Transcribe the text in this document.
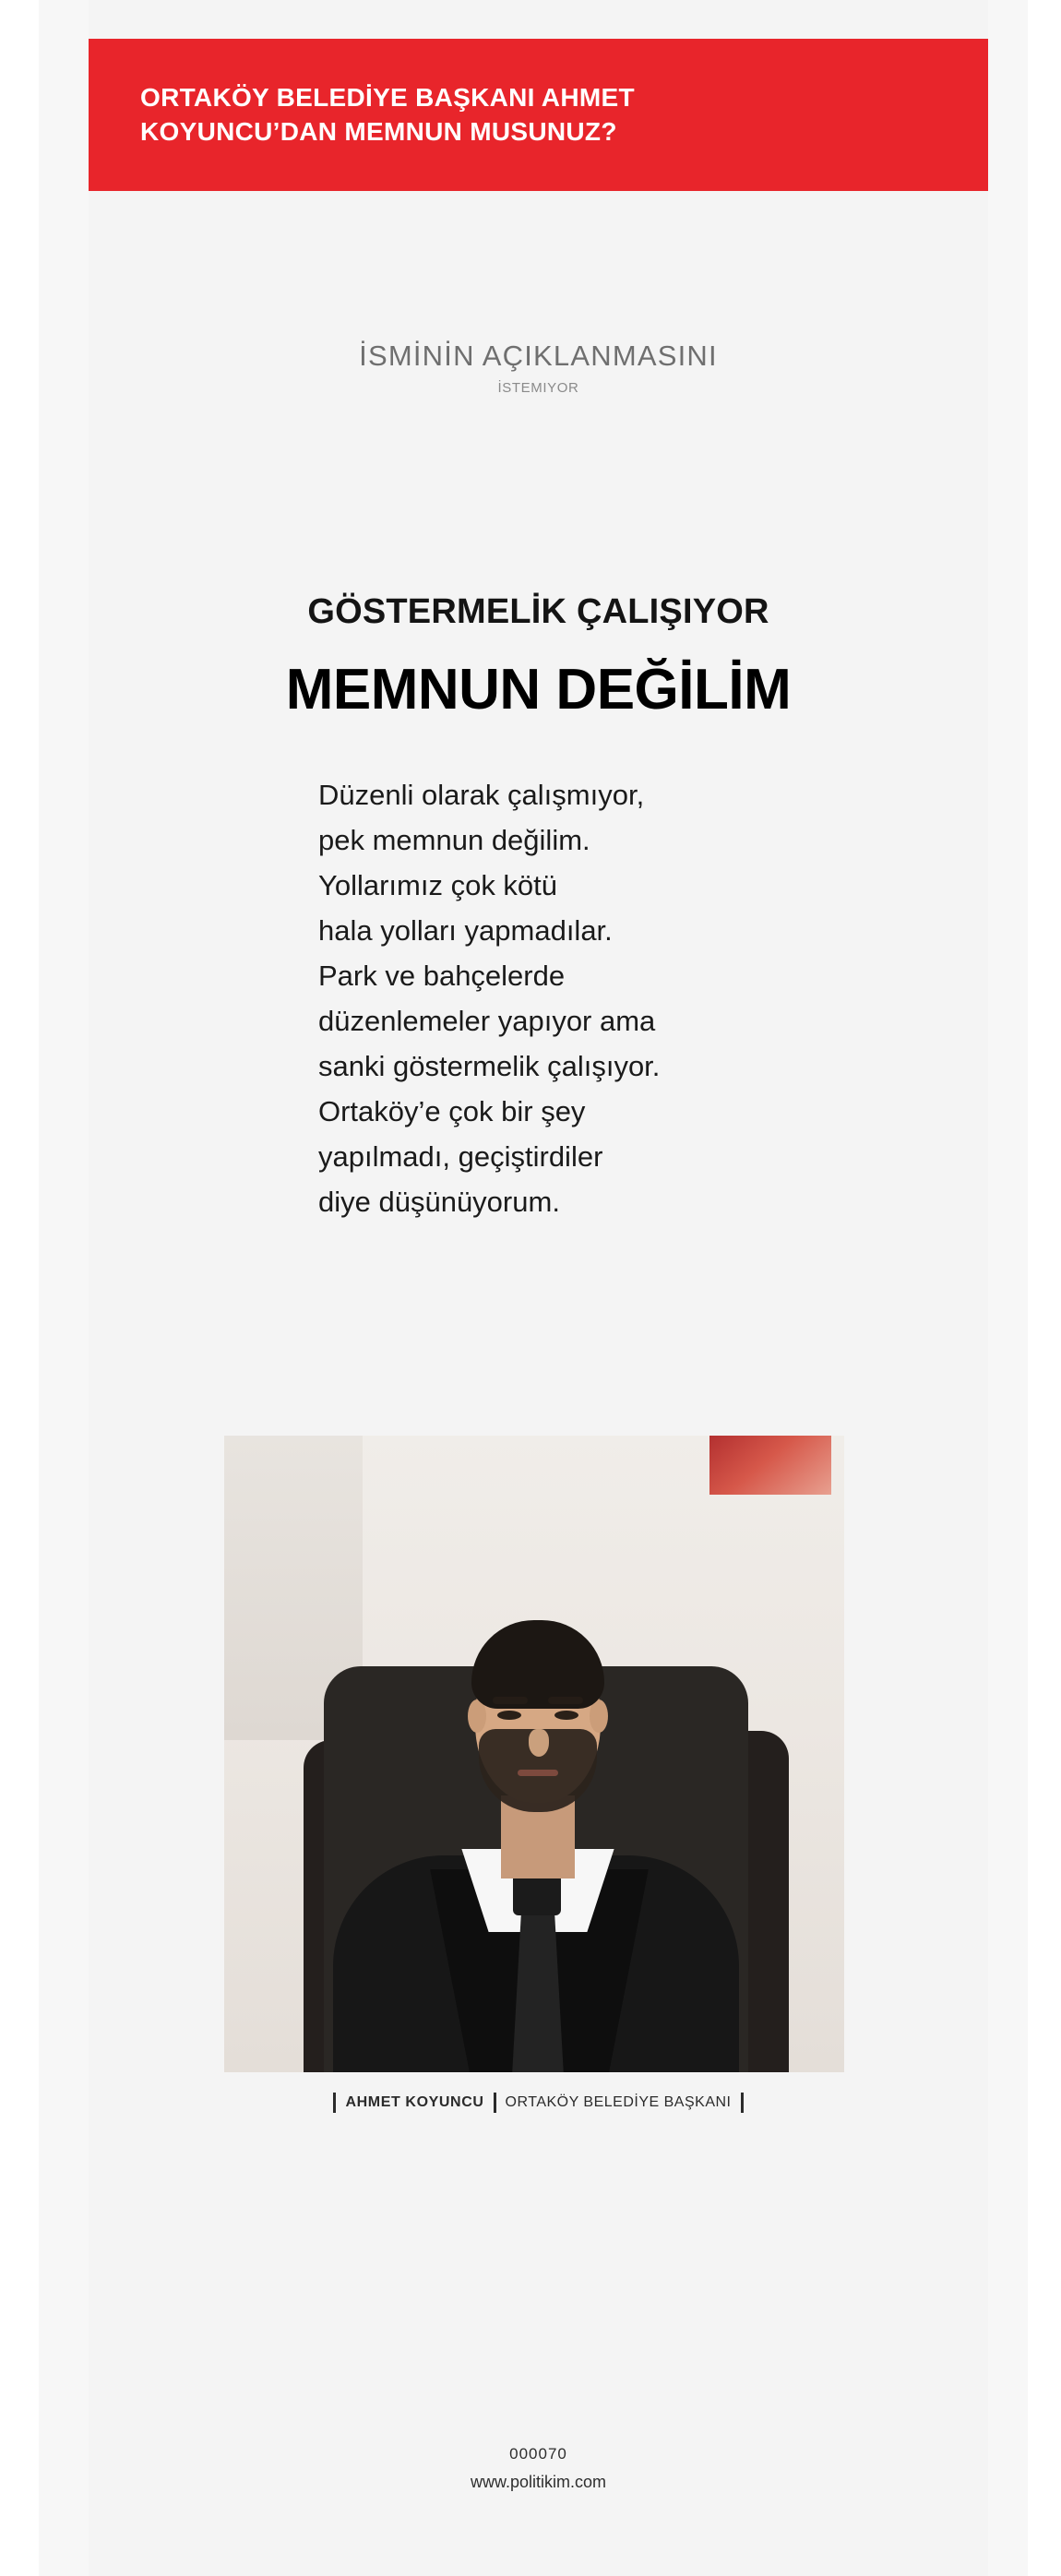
ORTAKÖY BELEDİYE BAŞKANI AHMET KOYUNCU’DAN MEMNUN MUSUNUZ?
İSMİNİN AÇIKLANMASINI
İSTEMIYOR
GÖSTERMELİK ÇALIŞIYOR
MEMNUN DEĞİLİM

Düzenli olarak çalışmıyor,
pek memnun değilim.
Yollarımız çok kötü
hala yolları yapmadılar.
Park ve bahçelerde
düzenlemeler yapıyor ama
sanki göstermelik çalışıyor.
Ortaköy’e çok bir şey
yapılmadı, geçiştirdiler
diye düşünüyorum.

AHMET KOYUNCU ORTAKÖY BELEDİYE BAŞKANI
000070
www.politikim.com
